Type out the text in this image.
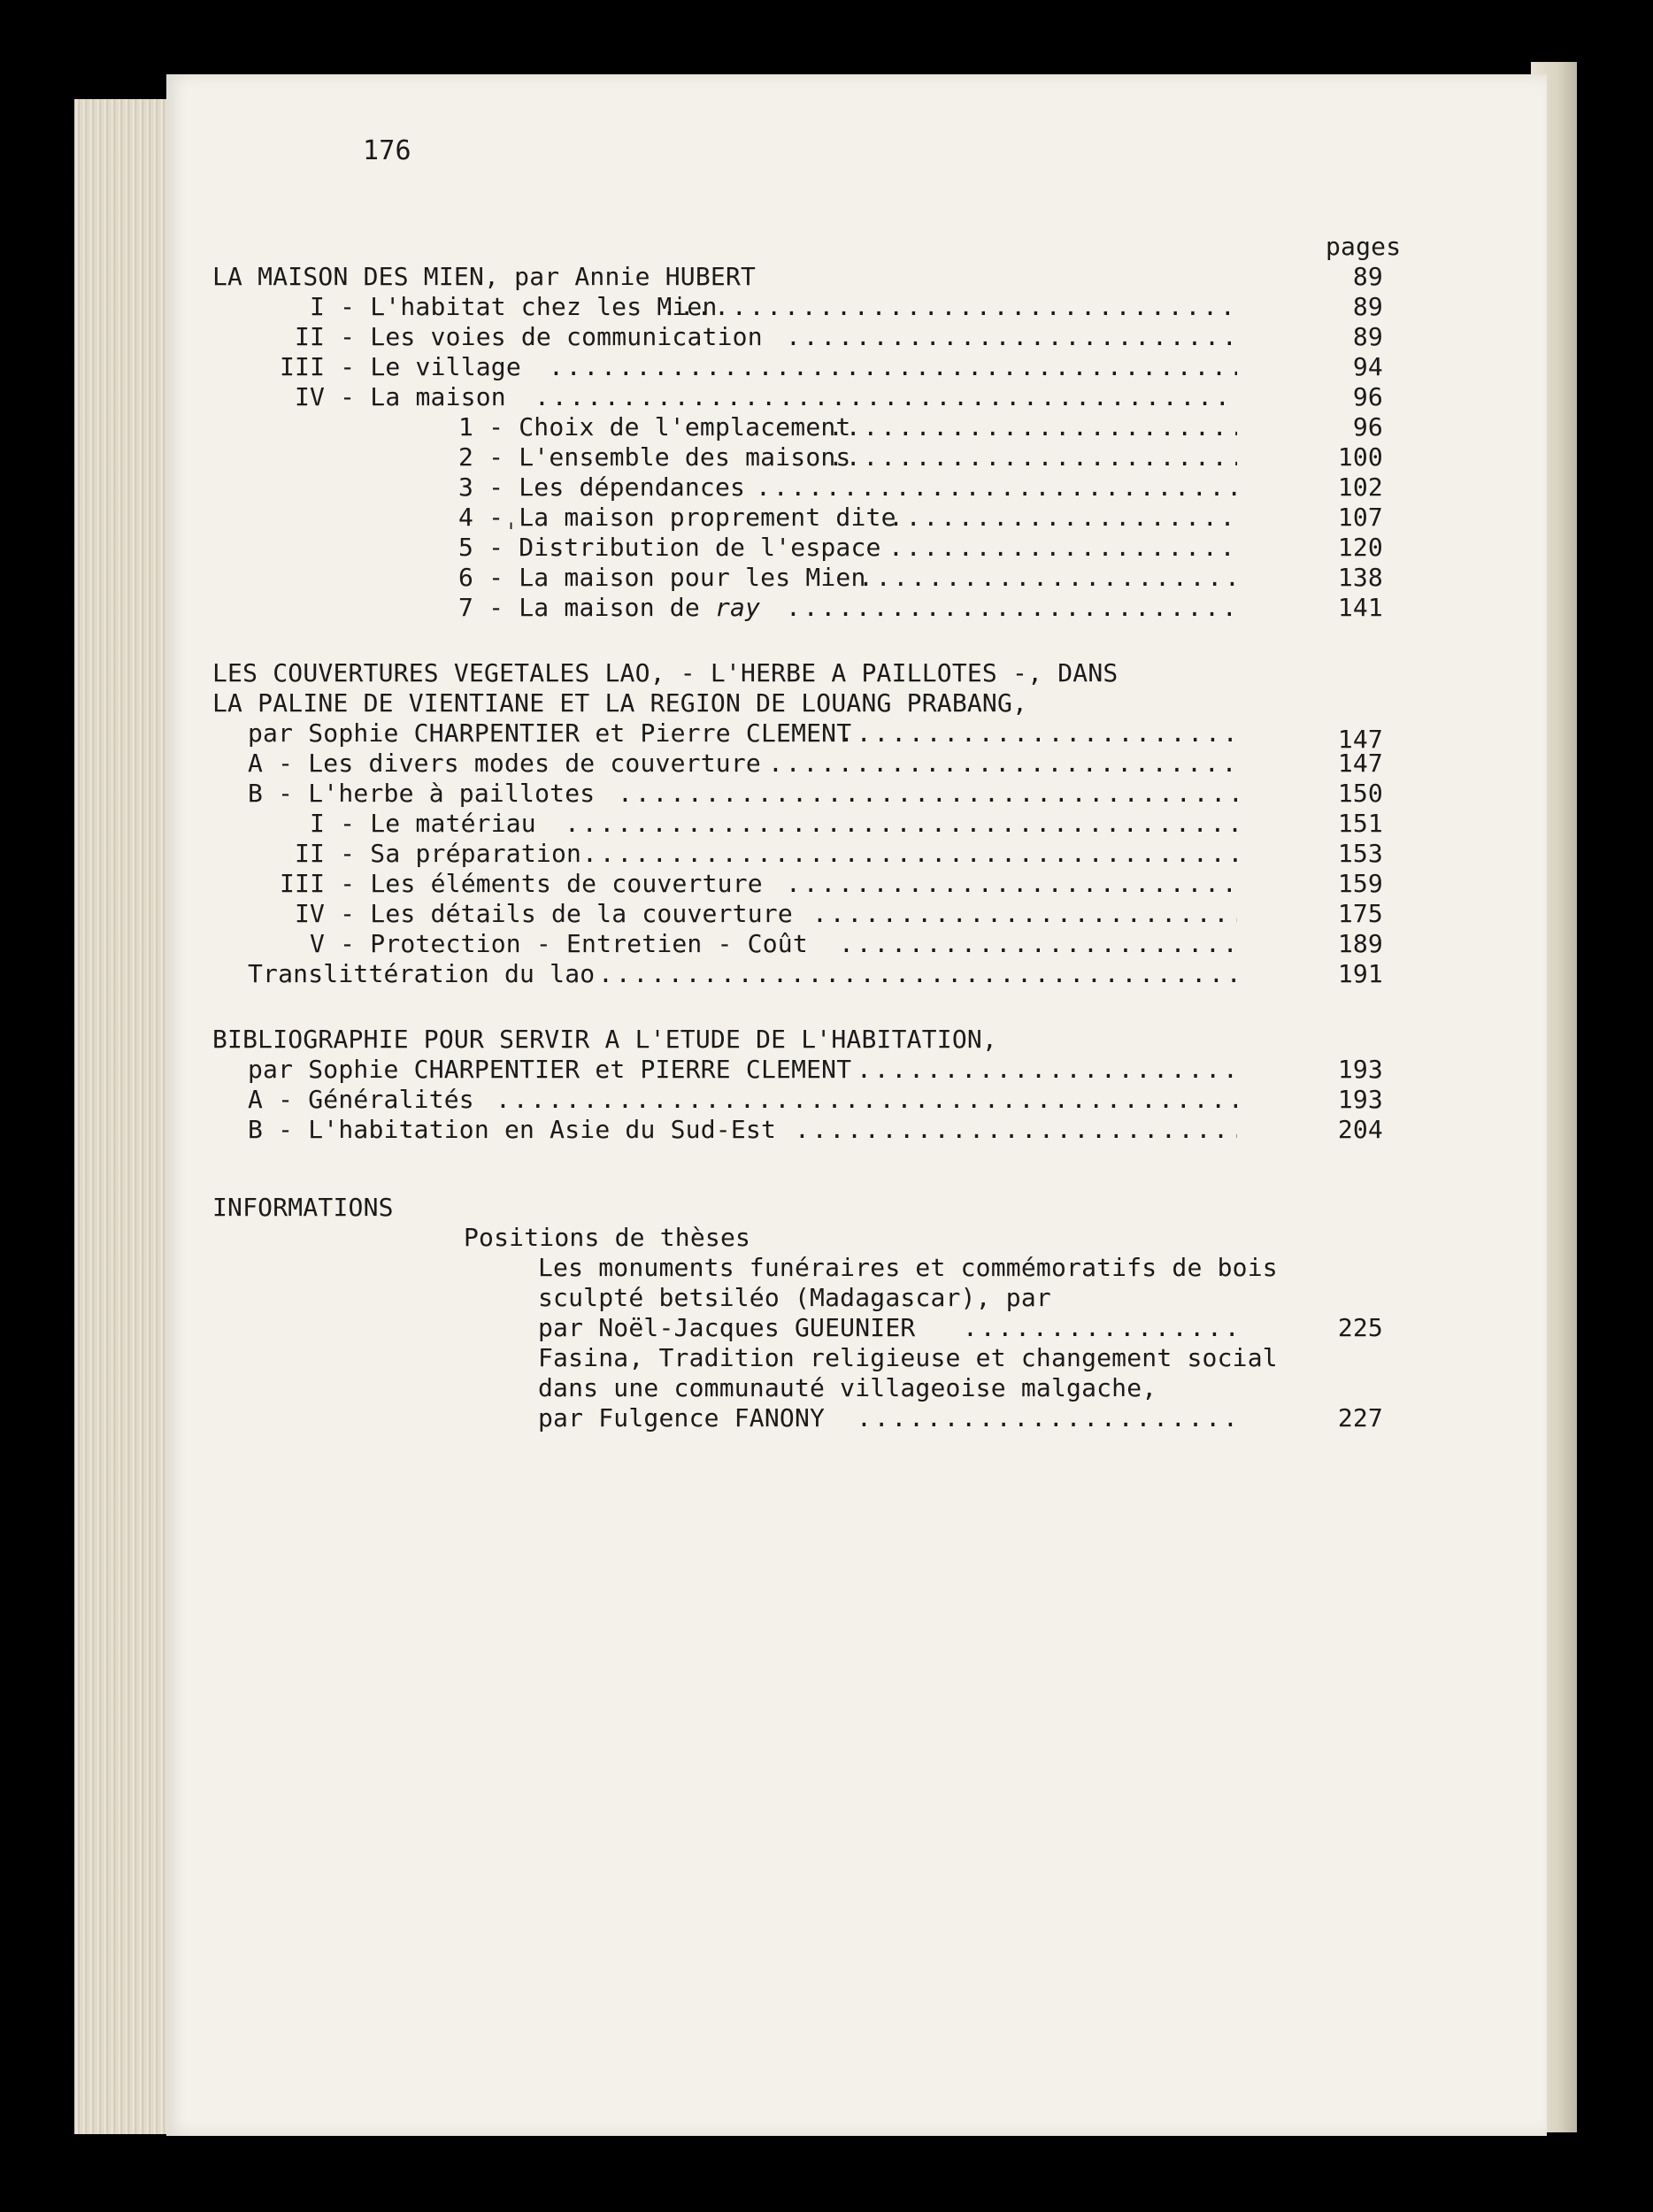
176
pages
LA MAISON DES MIEN, par Annie HUBERT	89
I - L'habitat chez les Mien . . .	89
II - Les voies de communication . . .	89
III - Le village . . .	94
IV - La maison . . .	96
1 - Choix de l'emplacement . . .	96
2 - L'ensemble des maisons . . .	100
3 - Les dépendances . . .	102
4 -ˌLa maison proprement dite . . .	107
5 - Distribution de l'espace . . .	120
6 - La maison pour les Mien . . .	138
7 - La maison de ray . . .	141
LES COUVERTURES VEGETALES LAO, - L'HERBE A PAILLOTES -, DANS
LA PALINE DE VIENTIANE ET LA REGION DE LOUANG PRABANG,
par Sophie CHARPENTIER et Pierre CLEMENT . . .	147
A - Les divers modes de couverture . . .	147
B - L'herbe à paillotes . . .	150
I - Le matériau . . .	151
II - Sa préparation . . .	153
III - Les éléments de couverture . . .	159
IV - Les détails de la couverture . . .	175
V - Protection - Entretien - Coût . . .	189
Translittération du lao . . .	191
BIBLIOGRAPHIE POUR SERVIR A L'ETUDE DE L'HABITATION,
par Sophie CHARPENTIER et PIERRE CLEMENT . . .	193
A - Généralités . . .	193
B - L'habitation en Asie du Sud-Est . . .	204
INFORMATIONS
Positions de thèses
Les monuments funéraires et commémoratifs de bois
sculpté betsiléo (Madagascar), par
par Noël-Jacques GUEUNIER . . .	225
Fasina, Tradition religieuse et changement social
dans une communauté villageoise malgache,
par Fulgence FANONY . . .	227
